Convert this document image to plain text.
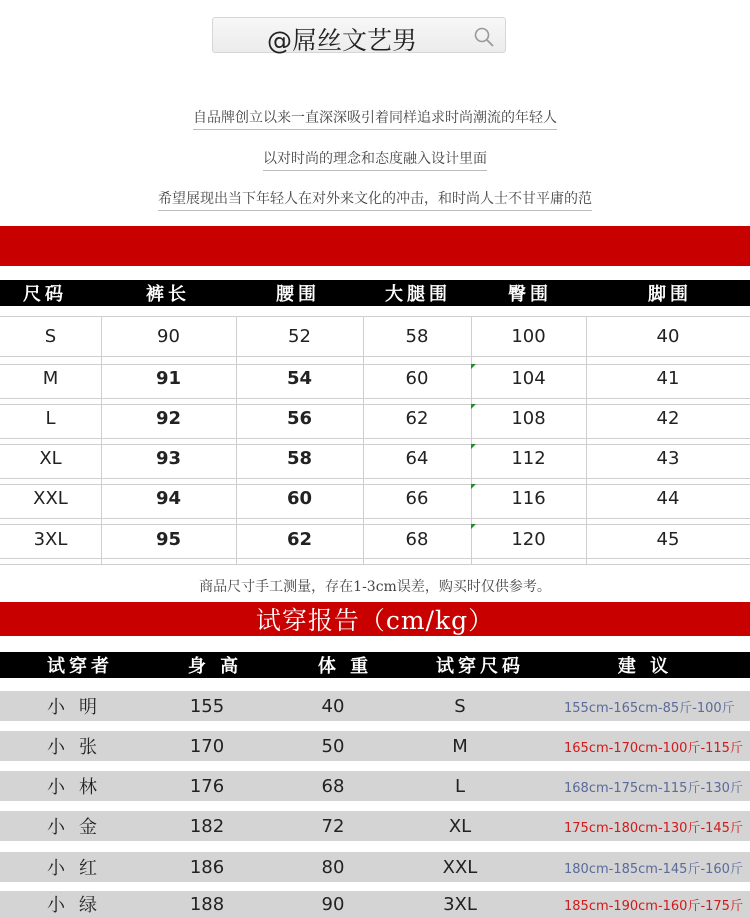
@屌丝文艺男
自品牌创立以来一直深深吸引着同样追求时尚潮流的年轻人
以对时尚的理念和态度融入设计里面
希望展现出当下年轻人在对外来文化的冲击，和时尚人士不甘平庸的范
尺码	裤长	腰围	大腿围	臀围	脚围
S	90	52	58	100	40
M	91	54	60	104	41
L	92	56	62	108	42
XL	93	58	64	112	43
XXL	94	60	66	116	44
3XL	95	62	68	120	45
商品尺寸手工测量，存在1-3cm误差，购买时仅供参考。
试穿报告（cm/kg）
试穿者	身 高	体 重	试穿尺码	建 议
小明	155	40	S	155cm-165cm-85斤-100斤
小张	170	50	M	165cm-170cm-100斤-115斤
小林	176	68	L	168cm-175cm-115斤-130斤
小金	182	72	XL	175cm-180cm-130斤-145斤
小红	186	80	XXL	180cm-185cm-145斤-160斤
小绿	188	90	3XL	185cm-190cm-160斤-175斤
